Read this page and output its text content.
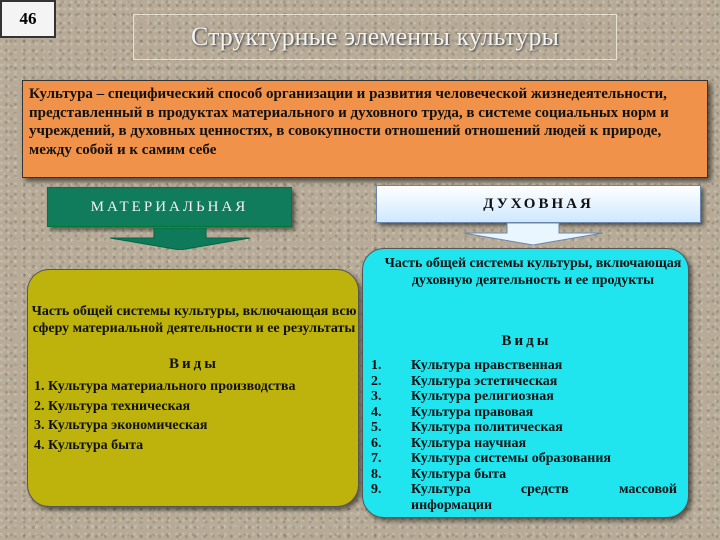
46
Структурные элементы культуры
Культура – специфический способ организации и развития человеческой жизнедеятельности, представленный в продуктах материального и духовного труда, в системе социальных норм и учреждений, в духовных ценностях, в совокупности отношений отношений людей к природе, между собой и к самим себе
МАТЕРИАЛЬНАЯ	ДУХОВНАЯ
Часть общей системы культуры, включающая всю сферу материальной деятельности и ее результаты
Виды
1. Культура материального производства
2. Культура техническая
3. Культура экономическая
4. Культура быта
Часть общей системы культуры, включающая духовную деятельность и ее продукты
Виды
1.	Культура нравственная
2.	Культура эстетическая
3.	Культура религиозная
4.	Культура правовая
5.	Культура политическая
6.	Культура научная
7.	Культура системы образования
8.	Культура быта
9.	Культура	средств	массовой
информации
